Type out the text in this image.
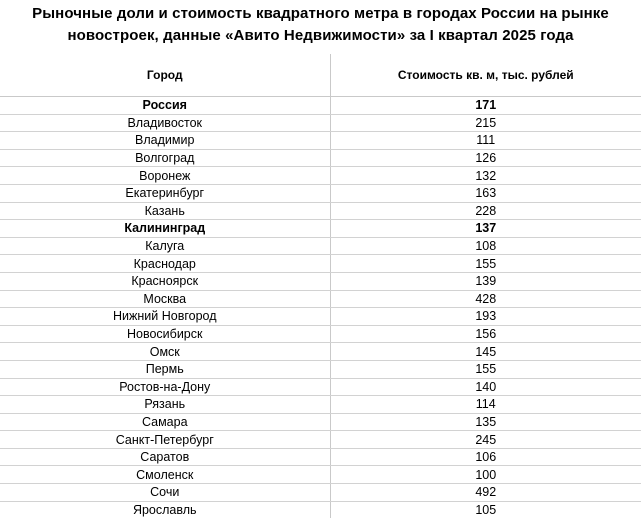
Рыночные доли и стоимость квадратного метра в городах России на рынке
новостроек, данные «Авито Недвижимости» за I квартал 2025 года
Город	Стоимость кв. м, тыс. рублей
Россия	171
Владивосток	215
Владимир	111
Волгоград	126
Воронеж	132
Екатеринбург	163
Казань	228
Калининград	137
Калуга	108
Краснодар	155
Красноярск	139
Москва	428
Нижний Новгород	193
Новосибирск	156
Омск	145
Пермь	155
Ростов-на-Дону	140
Рязань	114
Самара	135
Санкт-Петербург	245
Саратов	106
Смоленск	100
Сочи	492
Ярославль	105
